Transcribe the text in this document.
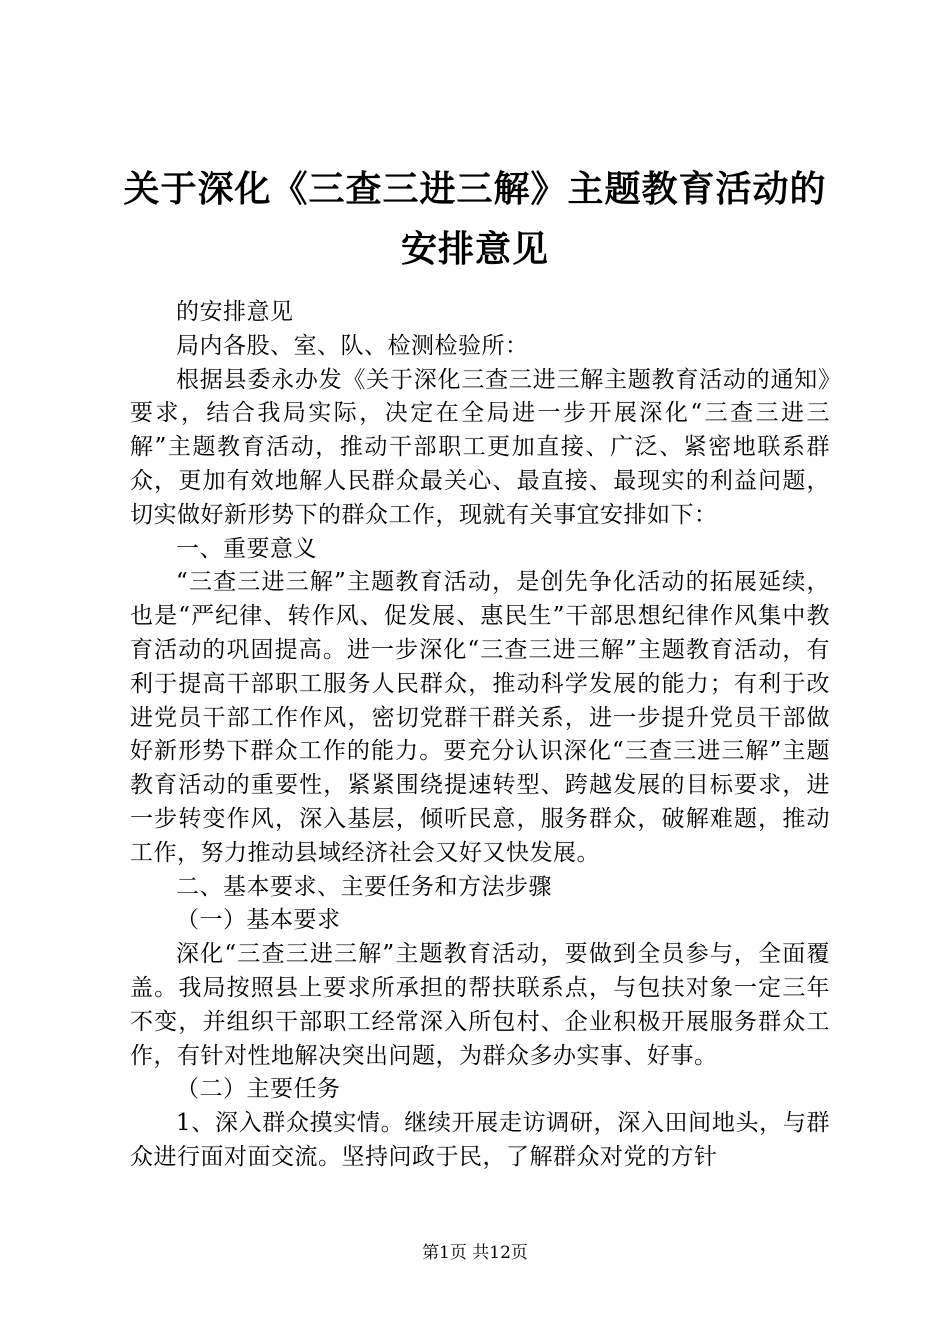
关于深化《三查三进三解》主题教育活动的安排意见

的安排意见

局内各股、室、队、检测检验所：

根据县委永办发《关于深化三查三进三解主题教育活动的通知》要求，结合我局实际，决定在全局进一步开展深化“三查三进三解”主题教育活动，推动干部职工更加直接、广泛、紧密地联系群众，更加有效地解人民群众最关心、最直接、最现实的利益问题，切实做好新形势下的群众工作，现就有关事宜安排如下：

一、重要意义

“三查三进三解”主题教育活动，是创先争化活动的拓展延续，也是“严纪律、转作风、促发展、惠民生”干部思想纪律作风集中教育活动的巩固提高。进一步深化“三查三进三解”主题教育活动，有利于提高干部职工服务人民群众，推动科学发展的能力；有利于改进党员干部工作作风，密切党群干群关系，进一步提升党员干部做好新形势下群众工作的能力。要充分认识深化“三查三进三解”主题教育活动的重要性，紧紧围绕提速转型、跨越发展的目标要求，进一步转变作风，深入基层，倾听民意，服务群众，破解难题，推动工作，努力推动县域经济社会又好又快发展。

二、基本要求、主要任务和方法步骤

（一）基本要求

深化“三查三进三解”主题教育活动，要做到全员参与，全面覆盖。我局按照县上要求所承担的帮扶联系点，与包扶对象一定三年不变，并组织干部职工经常深入所包村、企业积极开展服务群众工作，有针对性地解决突出问题，为群众多办实事、好事。

（二）主要任务

1、深入群众摸实情。继续开展走访调研，深入田间地头，与群众进行面对面交流。坚持问政于民，了解群众对党的方针

第1页 共12页
